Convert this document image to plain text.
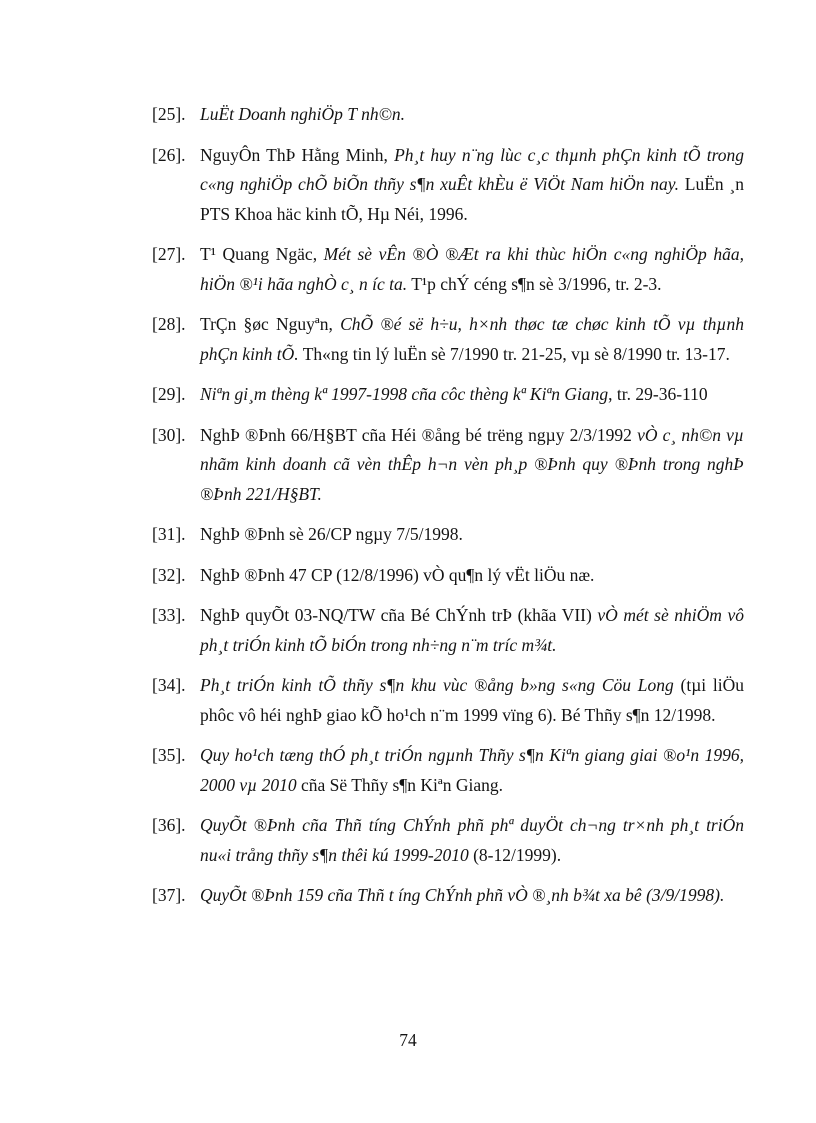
[25]. LuËt Doanh nghiÖp T nh©n.
[26]. NguyÔn ThÞ Hằng Minh, Ph¸t huy n¨ng lùc c¸c thµnh phÇn kinh tÕ trong c«ng nghiÖp chÕ biÕn thñy s¶n xuÊt khÈu ë ViÖt Nam hiÖn nay. LuËn ¸n PTS Khoa häc kinh tÕ, Hµ Néi, 1996.
[27]. T¹ Quang Ngäc, Mét sè vÊn ®Ò ®Æt ra khi thùc hiÖn c«ng nghiÖp hãa, hiÖn ®¹i hãa nghÒ c¸ n íc ta. T¹p chÝ céng s¶n sè 3/1996, tr. 2-3.
[28]. TrÇn §øc Nguyªn, ChÕ ®é së h÷u, h×nh thøc tæ chøc kinh tÕ vµ thµnh phÇn kinh tÕ. Th«ng tin lý luËn sè 7/1990 tr. 21-25, vµ sè 8/1990 tr. 13-17.
[29]. Niªn gi¸m thèng kª 1997-1998 cña côc thèng kª Kiªn Giang, tr. 29-36-110
[30]. NghÞ ®Þnh 66/H§BT cña Héi ®ång bé trëng ngµy 2/3/1992 vÒ c¸ nh©n vµ nhãm kinh doanh cã vèn thÊp h¬n vèn ph¸p ®Þnh quy ®Þnh trong nghÞ ®Þnh 221/H§BT.
[31]. NghÞ ®Þnh sè 26/CP ngµy 7/5/1998.
[32]. NghÞ ®Þnh 47 CP (12/8/1996) vÒ qu¶n lý vËt liÖu næ.
[33]. NghÞ quyÕt 03-NQ/TW cña Bé ChÝnh trÞ (khãa VII) vÒ mét sè nhiÖm vô ph¸t triÓn kinh tÕ biÓn trong nh÷ng n¨m tríc m¾t.
[34]. Ph¸t triÓn kinh tÕ thñy s¶n khu vùc ®ång b»ng s«ng Cöu Long (tµi liÖu phôc vô héi nghÞ giao kÕ ho¹ch n¨m 1999 vïng 6). Bé Thñy s¶n 12/1998.
[35]. Quy ho¹ch tæng thÓ ph¸t triÓn ngµnh Thñy s¶n Kiªn giang giai ®o¹n 1996, 2000 vµ 2010 cña Së Thñy s¶n Kiªn Giang.
[36]. QuyÕt ®Þnh cña Thñ tíng ChÝnh phñ phª duyÖt ch¬ng tr×nh ph¸t triÓn nu«i trång thñy s¶n thêi kú 1999-2010 (8-12/1999).
[37]. QuyÕt ®Þnh 159 cña Thñ t íng ChÝnh phñ vÒ ®¸nh b¾t xa bê (3/9/1998).
74
